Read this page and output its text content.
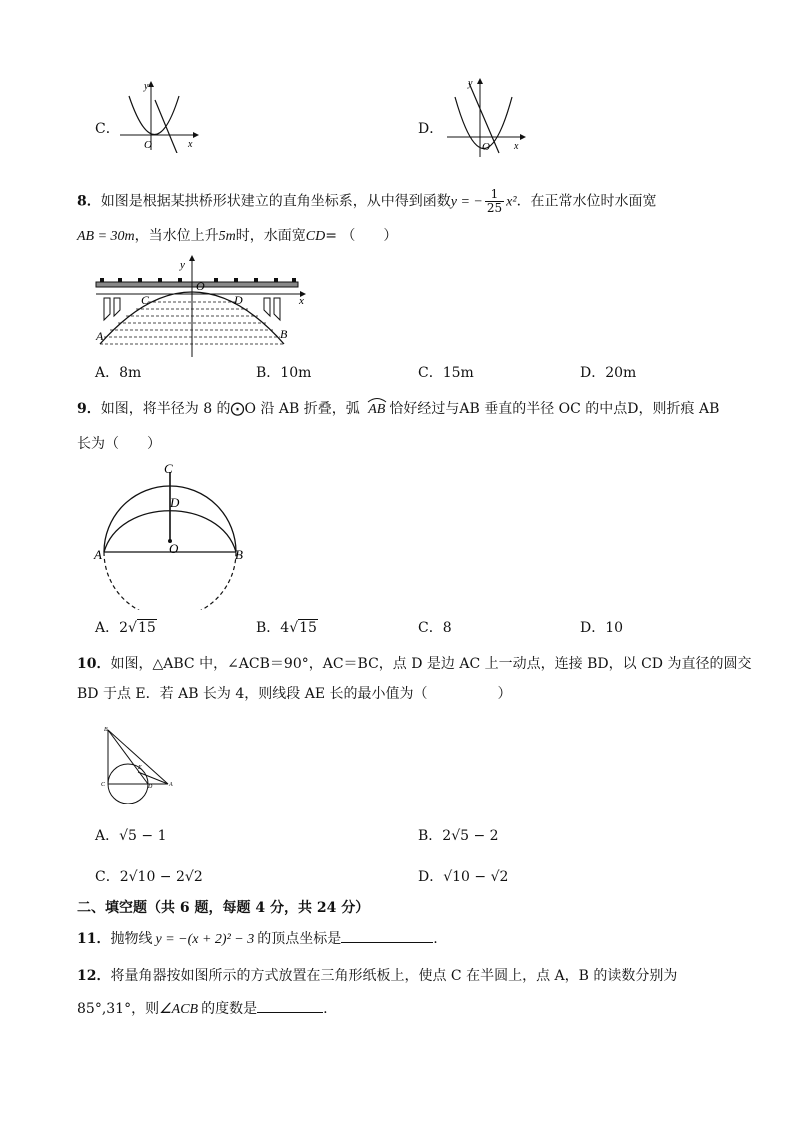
C．
y
O	x
D．
y
O x
8．如图是根据某拱桥形状建立的直角坐标系，从中得到函数y = − $\frac{1}{25} x^2$．在正常水位时水面宽
AB = 30m，当水位上升5m时，水面宽CD= （　　）
O
y
x
C	D
A	B
A．8m	B．10m	C．15m	D．20m
9．如图，将半径为 8 的⨀O 沿 AB 折叠，弧 AB 恰好经过与AB 垂直的半径 OC 的中点D，则折痕 AB
长为（　　）
C
D
O
A	B
A．2√15	B．4√15	C．8	D．10
10．如图，△ABC 中，∠ACB＝90°，AC＝BC，点 D 是边 AC 上一动点，连接 BD，以 CD 为直径的圆交
BD 于点 E．若 AB 长为 4，则线段 AE 长的最小值为（　　　　　）
B
E
C	D	A
A．√5 − 1	B．2√5 − 2
C．2√10 − 2√2	D．√10 − √2
二、填空题（共 6 题，每题 4 分，共 24 分）
11．抛物线 y = −(x + 2)² − 3 的顶点坐标是	.
12．将量角器按如图所示的方式放置在三角形纸板上，使点 C 在半圆上，点 A，B 的读数分别为
85°,31°，则∠ACB 的度数是	.
